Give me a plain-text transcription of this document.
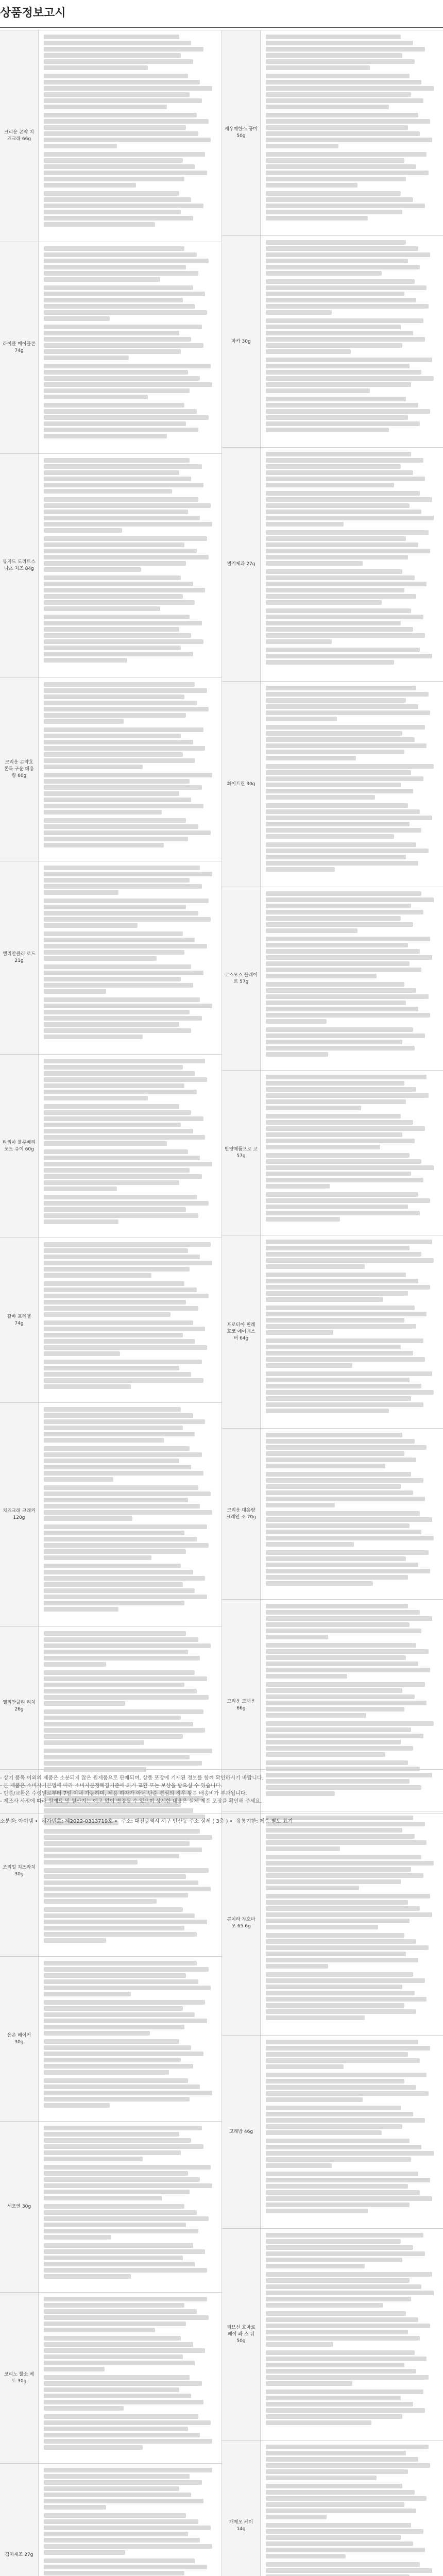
상품정보고시
크리운 곤약 치즈크래 66g
라이클 메이플콘 74g
뮤지드 도리트스나초 치즈 84g
크리운 곤약호 쫀득 구운 대용량 60g
엘리안클리 로드 21g
타리아 블루베리 포도 쥬이 60g
갈바 프레첼 74g
치즈크래 크래커 120g
엘리안클리 리치 26g
조리얼 치즈라치 30g
윤은 베이커 30g
세포엔 30g
코리노 뿔소 베토 30g
김치제조 27g
세우매한스 풍미 50g
마카 30g
벌기제과 27g
화이트린 30g
코스모스 블레이트 57g
반양제품으로 코 57g
프로티아 핀레 호코 에이테스 버 64g
크리운 대용량 크레인 조 70g
크리운 크래운 66g
콘이라 자호마 오 65.6g
고래밥 46g
리브신 호마로 페이 좌 스 뒤 50g
개메오 케이 14g
- 상기 품목 이외의 제품은 소분되지 않은 원제품으로 판매되며, 상품 포장에 기재된 정보를 함께 확인하시기 바랍니다.
- 본 제품은 소비자기본법에 따라 소비자분쟁해결기준에 의거 교환 또는 보상을 받으실 수 있습니다.
- 반품/교환은 수령일로부터 7일 이내 가능하며, 제품 하자가 아닌 단순 변심의 경우 왕복 배송비가 부과됩니다.
- 제조사 사정에 따라 원재료 및 원산지는 예고 없이 변경될 수 있으며 상세한 내용은 실제 제품 포장을 확인해 주세요.
소분원: 아이템 • 허가번호: 제2022-0313719호 • 주소: 대전광역시 서구 안산동 주소 상세 ( 3층 ) • 유통기한: 제품 별도 표기
